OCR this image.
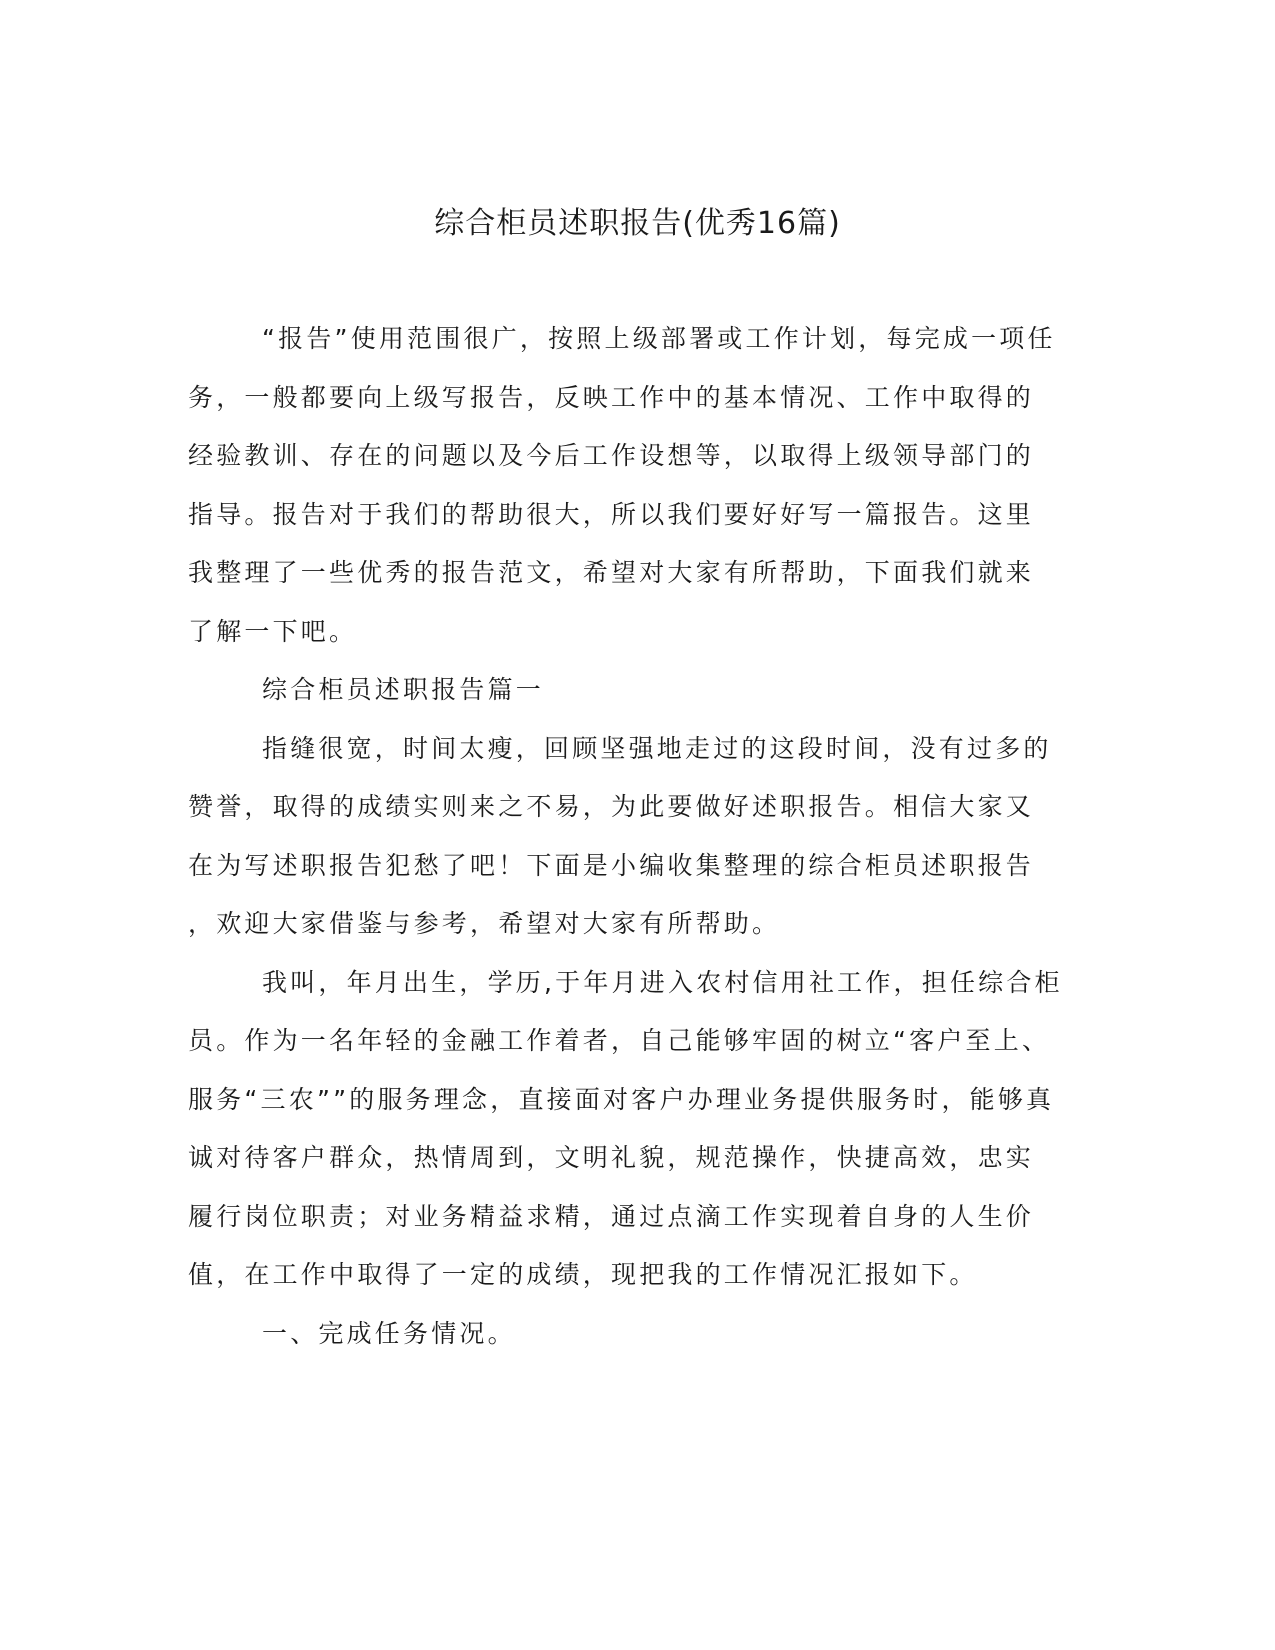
综合柜员述职报告(优秀16篇)
“报告”使用范围很广，按照上级部署或工作计划，每完成一项任
务，一般都要向上级写报告，反映工作中的基本情况、工作中取得的
经验教训、存在的问题以及今后工作设想等，以取得上级领导部门的
指导。报告对于我们的帮助很大，所以我们要好好写一篇报告。这里
我整理了一些优秀的报告范文，希望对大家有所帮助，下面我们就来
了解一下吧。
综合柜员述职报告篇一
指缝很宽，时间太瘦，回顾坚强地走过的这段时间，没有过多的
赞誉，取得的成绩实则来之不易，为此要做好述职报告。相信大家又
在为写述职报告犯愁了吧！下面是小编收集整理的综合柜员述职报告
，欢迎大家借鉴与参考，希望对大家有所帮助。
我叫，年月出生，学历,于年月进入农村信用社工作，担任综合柜
员。作为一名年轻的金融工作着者，自己能够牢固的树立“客户至上、
服务“三农””的服务理念，直接面对客户办理业务提供服务时，能够真
诚对待客户群众，热情周到，文明礼貌，规范操作，快捷高效，忠实
履行岗位职责；对业务精益求精，通过点滴工作实现着自身的人生价
值，在工作中取得了一定的成绩，现把我的工作情况汇报如下。
一、完成任务情况。
